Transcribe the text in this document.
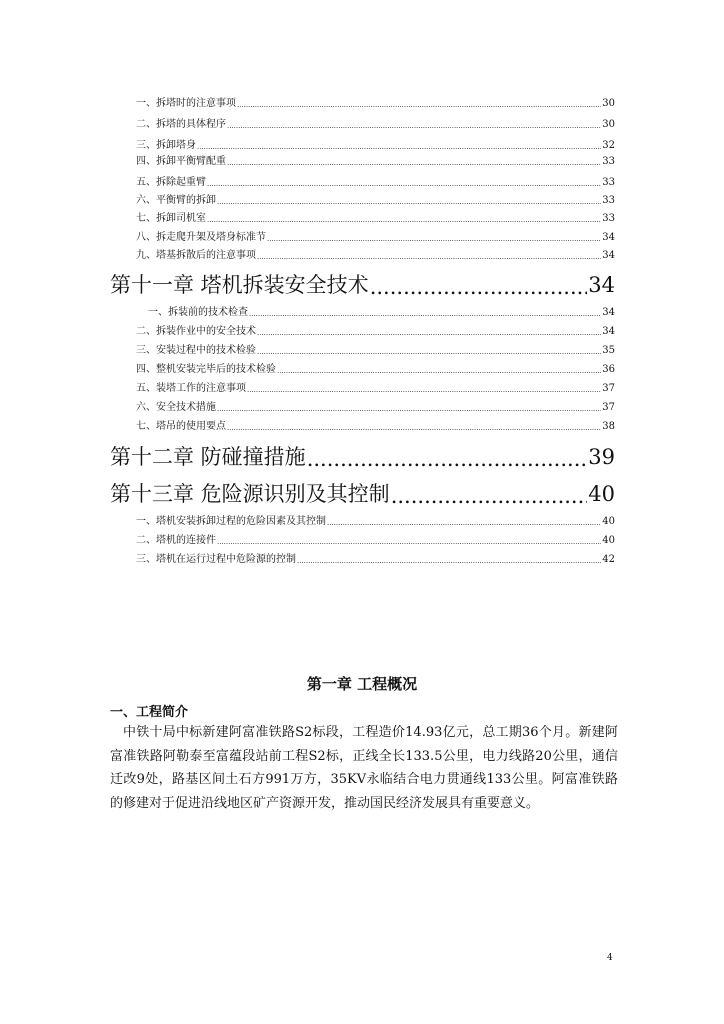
一、拆塔时的注意事项 .....	30
二、拆塔的具体程序 .....	30
三、拆卸塔身 .....	32
四、拆卸平衡臂配重 .....	33
五、拆除起重臂 .....	33
六、平衡臂的拆卸 .....	33
七、拆卸司机室 .....	33
八、拆走爬升架及塔身标准节 .....	34
九、塔基拆散后的注意事项 .....	34
第十一章 塔机拆装安全技术 .....	34
一、拆装前的技术检查 .....	34
二、拆装作业中的安全技术 .....	34
三、安装过程中的技术检验 .....	35
四、整机安装完毕后的技术检验 .....	36
五、装塔工作的注意事项 .....	37
六、安全技术措施 .....	37
七、塔吊的使用要点 .....	38
第十二章 防碰撞措施 .....	39
第十三章 危险源识别及其控制 .....	40
一、塔机安装拆卸过程的危险因素及其控制 .....	40
二、塔机的连接件 .....	40
三、塔机在运行过程中危险源的控制 .....	42
第一章 工程概况
一、工程简介
中铁十局中标新建阿富准铁路S2标段，工程造价14.93亿元，总工期36个月。新建阿富准铁路阿勒泰至富蕴段站前工程S2标，正线全长133.5公里，电力线路20公里，通信迁改9处，路基区间土石方991万方，35KV永临结合电力贯通线133公里。阿富准铁路的修建对于促进沿线地区矿产资源开发，推动国民经济发展具有重要意义。
4
